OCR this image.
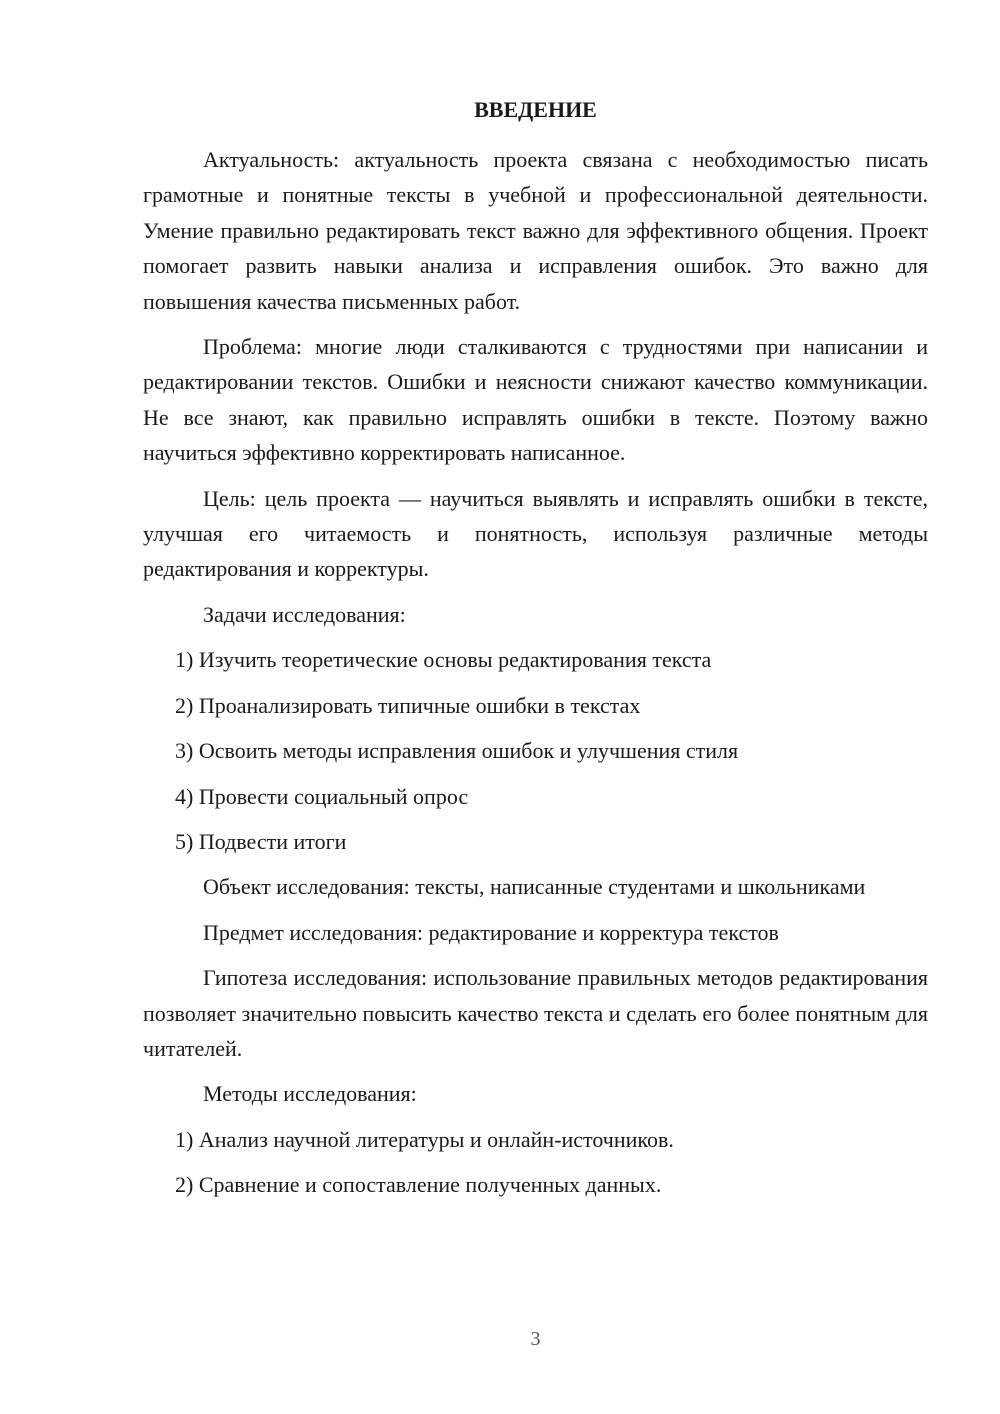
ВВЕДЕНИЕ

Актуальность: актуальность проекта связана с необходимостью писать грамотные и понятные тексты в учебной и профессиональной деятельности. Умение правильно редактировать текст важно для эффективного общения. Проект помогает развить навыки анализа и исправления ошибок. Это важно для повышения качества письменных работ.

Проблема: многие люди сталкиваются с трудностями при написании и редактировании текстов. Ошибки и неясности снижают качество коммуникации. Не все знают, как правильно исправлять ошибки в тексте. Поэтому важно научиться эффективно корректировать написанное.

Цель: цель проекта — научиться выявлять и исправлять ошибки в тексте, улучшая его читаемость и понятность, используя различные методы редактирования и корректуры.

Задачи исследования:

1) Изучить теоретические основы редактирования текста

2) Проанализировать типичные ошибки в текстах

3) Освоить методы исправления ошибок и улучшения стиля

4) Провести социальный опрос

5) Подвести итоги

Объект исследования: тексты, написанные студентами и школьниками

Предмет исследования: редактирование и корректура текстов

Гипотеза исследования: использование правильных методов редактирования позволяет значительно повысить качество текста и сделать его более понятным для читателей.

Методы исследования:

1) Анализ научной литературы и онлайн-источников.

2) Сравнение и сопоставление полученных данных.

3
